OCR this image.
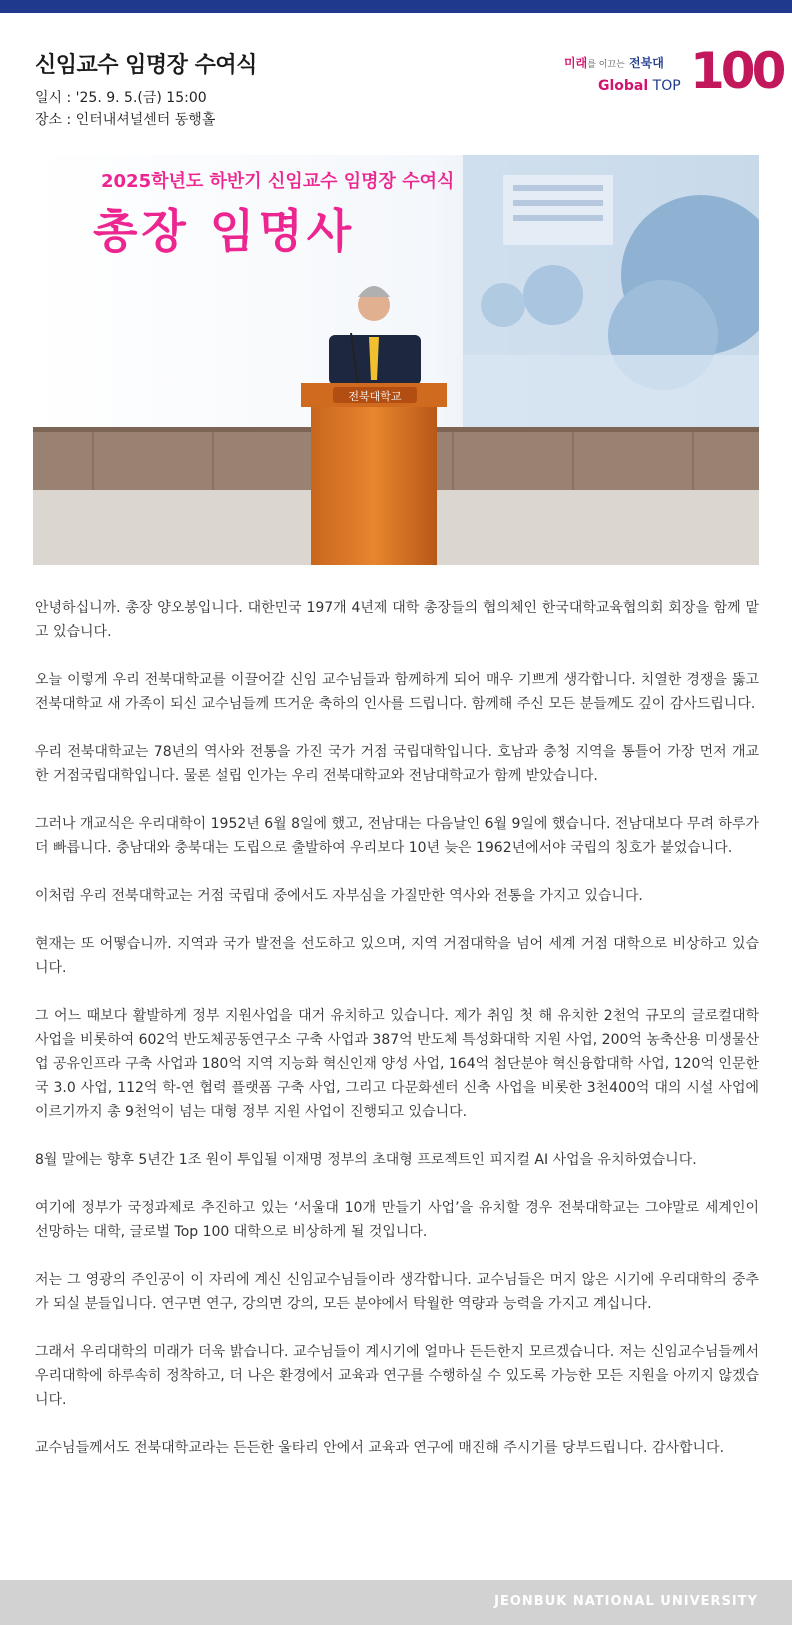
신임교수 임명장 수여식
일시 : '25. 9. 5.(금) 15:00
장소 : 인터내셔널센터 동행홀
미래를 이끄는 전북대
Global TOP 100
전북대학교
2025학년도 하반기 신임교수 임명장 수여식
총장 임명사

안녕하십니까. 총장 양오봉입니다. 대한민국 197개 4년제 대학 총장들의 협의체인 한국대학교육협의회 회장을 함께 맡고 있습니다.

오늘 이렇게 우리 전북대학교를 이끌어갈 신임 교수님들과 함께하게 되어 매우 기쁘게 생각합니다. 치열한 경쟁을 뚫고 전북대학교 새 가족이 되신 교수님들께 뜨거운 축하의 인사를 드립니다. 함께해 주신 모든 분들께도 깊이 감사드립니다.

우리 전북대학교는 78년의 역사와 전통을 가진 국가 거점 국립대학입니다. 호남과 충청 지역을 통틀어 가장 먼저 개교한 거점국립대학입니다. 물론 설립 인가는 우리 전북대학교와 전남대학교가 함께 받았습니다.

그러나 개교식은 우리대학이 1952년 6월 8일에 했고, 전남대는 다음날인 6월 9일에 했습니다. 전남대보다 무려 하루가 더 빠릅니다. 충남대와 충북대는 도립으로 출발하여 우리보다 10년 늦은 1962년에서야 국립의 칭호가 붙었습니다.

이처럼 우리 전북대학교는 거점 국립대 중에서도 자부심을 가질만한 역사와 전통을 가지고 있습니다.

현재는 또 어떻습니까. 지역과 국가 발전을 선도하고 있으며, 지역 거점대학을 넘어 세계 거점 대학으로 비상하고 있습니다.

그 어느 때보다 활발하게 정부 지원사업을 대거 유치하고 있습니다. 제가 취임 첫 해 유치한 2천억 규모의 글로컬대학 사업을 비롯하여 602억 반도체공동연구소 구축 사업과 387억 반도체 특성화대학 지원 사업, 200억 농축산용 미생물산업 공유인프라 구축 사업과 180억 지역 지능화 혁신인재 양성 사업, 164억 첨단분야 혁신융합대학 사업, 120억 인문한국 3.0 사업, 112억 학-연 협력 플랫폼 구축 사업, 그리고 다문화센터 신축 사업을 비롯한 3천400억 대의 시설 사업에 이르기까지 총 9천억이 넘는 대형 정부 지원 사업이 진행되고 있습니다.

8월 말에는 향후 5년간 1조 원이 투입될 이재명 정부의 초대형 프로젝트인 피지컬 AI 사업을 유치하였습니다.

여기에 정부가 국정과제로 추진하고 있는 ‘서울대 10개 만들기 사업’을 유치할 경우 전북대학교는 그야말로 세계인이 선망하는 대학, 글로벌 Top 100 대학으로 비상하게 될 것입니다.

저는 그 영광의 주인공이 이 자리에 계신 신임교수님들이라 생각합니다. 교수님들은 머지 않은 시기에 우리대학의 중추가 되실 분들입니다. 연구면 연구, 강의면 강의, 모든 분야에서 탁월한 역량과 능력을 가지고 계십니다.

그래서 우리대학의 미래가 더욱 밝습니다. 교수님들이 계시기에 얼마나 든든한지 모르겠습니다. 저는 신임교수님들께서 우리대학에 하루속히 정착하고, 더 나은 환경에서 교육과 연구를 수행하실 수 있도록 가능한 모든 지원을 아끼지 않겠습니다.

교수님들께서도 전북대학교라는 든든한 울타리 안에서 교육과 연구에 매진해 주시기를 당부드립니다. 감사합니다.

JEONBUK NATIONAL UNIVERSITY
